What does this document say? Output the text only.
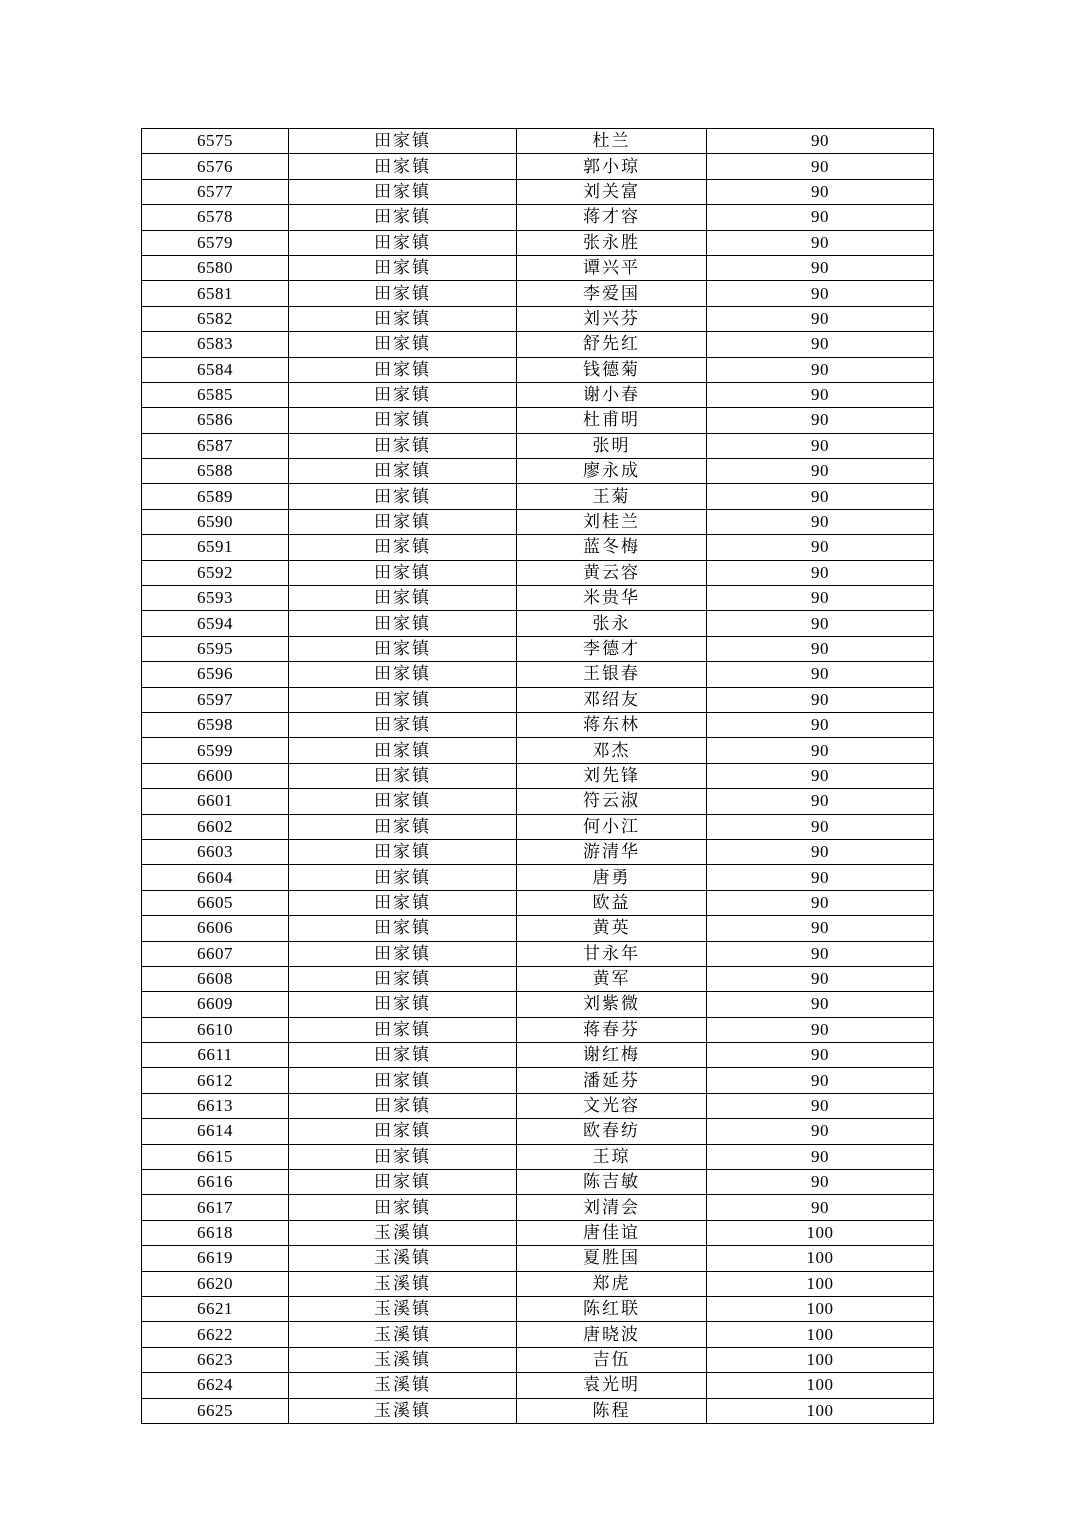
6575	田家镇	杜兰	90
6576	田家镇	郭小琼	90
6577	田家镇	刘关富	90
6578	田家镇	蒋才容	90
6579	田家镇	张永胜	90
6580	田家镇	谭兴平	90
6581	田家镇	李爱国	90
6582	田家镇	刘兴芬	90
6583	田家镇	舒先红	90
6584	田家镇	钱德菊	90
6585	田家镇	谢小春	90
6586	田家镇	杜甫明	90
6587	田家镇	张明	90
6588	田家镇	廖永成	90
6589	田家镇	王菊	90
6590	田家镇	刘桂兰	90
6591	田家镇	蓝冬梅	90
6592	田家镇	黄云容	90
6593	田家镇	米贵华	90
6594	田家镇	张永	90
6595	田家镇	李德才	90
6596	田家镇	王银春	90
6597	田家镇	邓绍友	90
6598	田家镇	蒋东林	90
6599	田家镇	邓杰	90
6600	田家镇	刘先锋	90
6601	田家镇	符云淑	90
6602	田家镇	何小江	90
6603	田家镇	游清华	90
6604	田家镇	唐勇	90
6605	田家镇	欧益	90
6606	田家镇	黄英	90
6607	田家镇	甘永年	90
6608	田家镇	黄军	90
6609	田家镇	刘紫微	90
6610	田家镇	蒋春芬	90
6611	田家镇	谢红梅	90
6612	田家镇	潘延芬	90
6613	田家镇	文光容	90
6614	田家镇	欧春纺	90
6615	田家镇	王琼	90
6616	田家镇	陈吉敏	90
6617	田家镇	刘清会	90
6618	玉溪镇	唐佳谊	100
6619	玉溪镇	夏胜国	100
6620	玉溪镇	郑虎	100
6621	玉溪镇	陈红联	100
6622	玉溪镇	唐晓波	100
6623	玉溪镇	吉伍	100
6624	玉溪镇	袁光明	100
6625	玉溪镇	陈程	100
